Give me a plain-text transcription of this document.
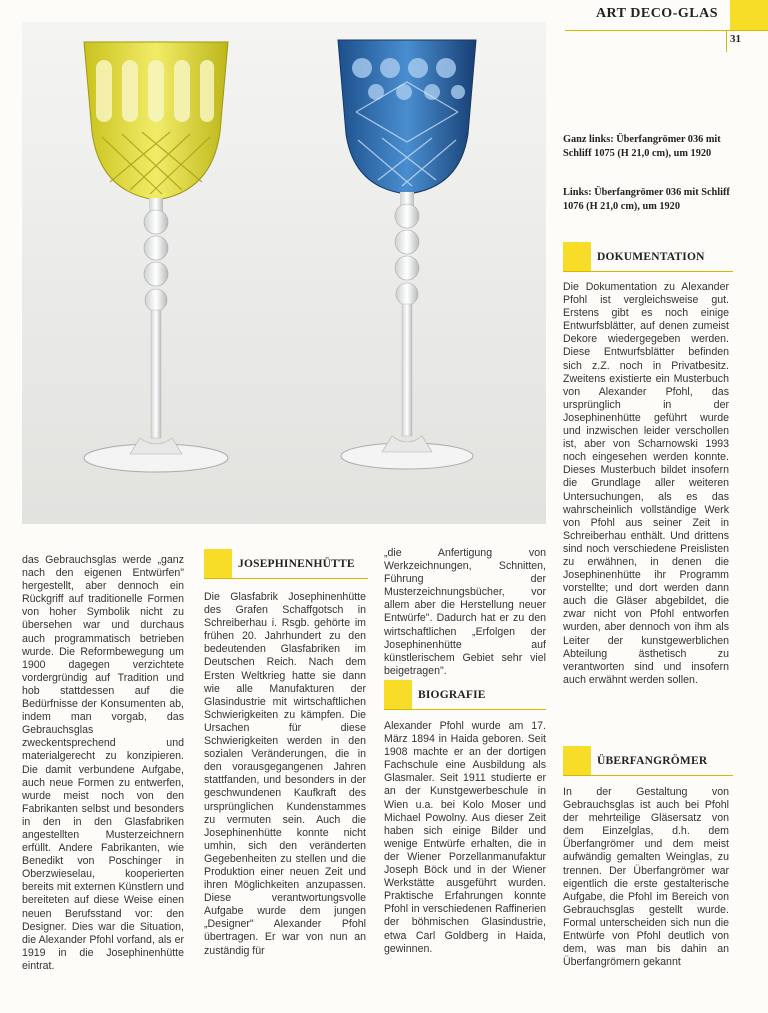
ART DECO-GLAS
31
Ganz links: Überfangrömer 036 mit Schliff 1075 (H 21,0 cm), um 1920
Links: Überfangrömer 036 mit Schliff 1076 (H 21,0 cm), um 1920
DOKUMENTATION
Die Dokumentation zu Alexander Pfohl ist vergleichsweise gut. Erstens gibt es noch einige Entwurfsblätter, auf denen zumeist Dekore wiedergegeben werden. Diese Entwurfsblätter befinden sich z.Z. noch in Privatbesitz. Zweitens existierte ein Musterbuch von Alexander Pfohl, das ursprünglich in der Josephinenhütte geführt wurde und inzwischen leider verschollen ist, aber von Scharnowski 1993 noch eingesehen werden konnte. Dieses Musterbuch bildet insofern die Grundlage aller weiteren Untersuchungen, als es das wahrscheinlich vollständige Werk von Pfohl aus seiner Zeit in Schreiberhau enthält. Und drittens sind noch verschiedene Preislisten zu erwähnen, in denen die Josephinenhütte ihr Programm vorstellte; und dort werden dann auch die Gläser abgebildet, die zwar nicht von Pfohl entworfen wurden, aber dennoch von ihm als Leiter der kunstgewerblichen Abteilung ästhetisch zu verantworten sind und insofern auch erwähnt werden sollen.
ÜBERFANGRÖMER
In der Gestaltung von Gebrauchsglas ist auch bei Pfohl der mehrteilige Gläsersatz von dem Einzelglas, d.h. dem Überfangrömer und dem meist aufwändig gemalten Weinglas, zu trennen. Der Überfangrömer war eigentlich die erste gestalterische Aufgabe, die Pfohl im Bereich von Gebrauchsglas gestellt wurde. Formal unterscheiden sich nun die Entwürfe von Pfohl deutlich von dem, was man bis dahin an Überfangrömern gekannt
das Gebrauchsglas werde „ganz nach den eigenen Entwürfen" hergestellt, aber dennoch ein Rückgriff auf traditionelle Formen von hoher Symbolik nicht zu übersehen war und durchaus auch programmatisch betrieben wurde. Die Reformbewegung um 1900 dagegen verzichtete vordergründig auf Tradition und hob stattdessen auf die Bedürfnisse der Konsumenten ab, indem man vorgab, das Gebrauchsglas zweckentsprechend und materialgerecht zu konzipieren. Die damit verbundene Aufgabe, auch neue Formen zu entwerfen, wurde meist noch von den Fabrikanten selbst und besonders in den in den Glasfabriken angestellten Musterzeichnern erfüllt. Andere Fabrikanten, wie Benedikt von Poschinger in Oberzwieselau, kooperierten bereits mit externen Künstlern und bereiteten auf diese Weise einen neuen Berufsstand vor: den Designer. Dies war die Situation, die Alexander Pfohl vorfand, als er 1919 in die Josephinenhütte eintrat.
JOSEPHINENHÜTTE
Die Glasfabrik Josephinenhütte des Grafen Schaffgotsch in Schreiberhau i. Rsgb. gehörte im frühen 20. Jahrhundert zu den bedeutenden Glasfabriken im Deutschen Reich. Nach dem Ersten Weltkrieg hatte sie dann wie alle Manufakturen der Glasindustrie mit wirtschaftlichen Schwierigkeiten zu kämpfen. Die Ursachen für diese Schwierigkeiten werden in den sozialen Veränderungen, die in den vorausgegangenen Jahren stattfanden, und besonders in der geschwundenen Kaufkraft des ursprünglichen Kundenstammes zu vermuten sein. Auch die Josephinenhütte konnte nicht umhin, sich den veränderten Gegebenheiten zu stellen und die Produktion einer neuen Zeit und ihren Möglichkeiten anzupassen. Diese verantwortungsvolle Aufgabe wurde dem jungen „Designer" Alexander Pfohl übertragen. Er war von nun an zuständig für
„die Anfertigung von Werkzeichnungen, Schnitten, Führung der Musterzeichnungsbücher, vor allem aber die Herstellung neuer Entwürfe". Dadurch hat er zu den wirtschaftlichen „Erfolgen der Josephinenhütte auf künstlerischem Gebiet sehr viel beigetragen".
BIOGRAFIE
Alexander Pfohl wurde am 17. März 1894 in Haida geboren. Seit 1908 machte er an der dortigen Fachschule eine Ausbildung als Glasmaler. Seit 1911 studierte er an der Kunstgewerbeschule in Wien u.a. bei Kolo Moser und Michael Powolny. Aus dieser Zeit haben sich einige Bilder und wenige Entwürfe erhalten, die in der Wiener Porzellanmanufaktur Joseph Böck und in der Wiener Werkstätte ausgeführt wurden. Praktische Erfahrungen konnte Pfohl in verschiedenen Raffinerien der böhmischen Glasindustrie, etwa Carl Goldberg in Haida, gewinnen.
